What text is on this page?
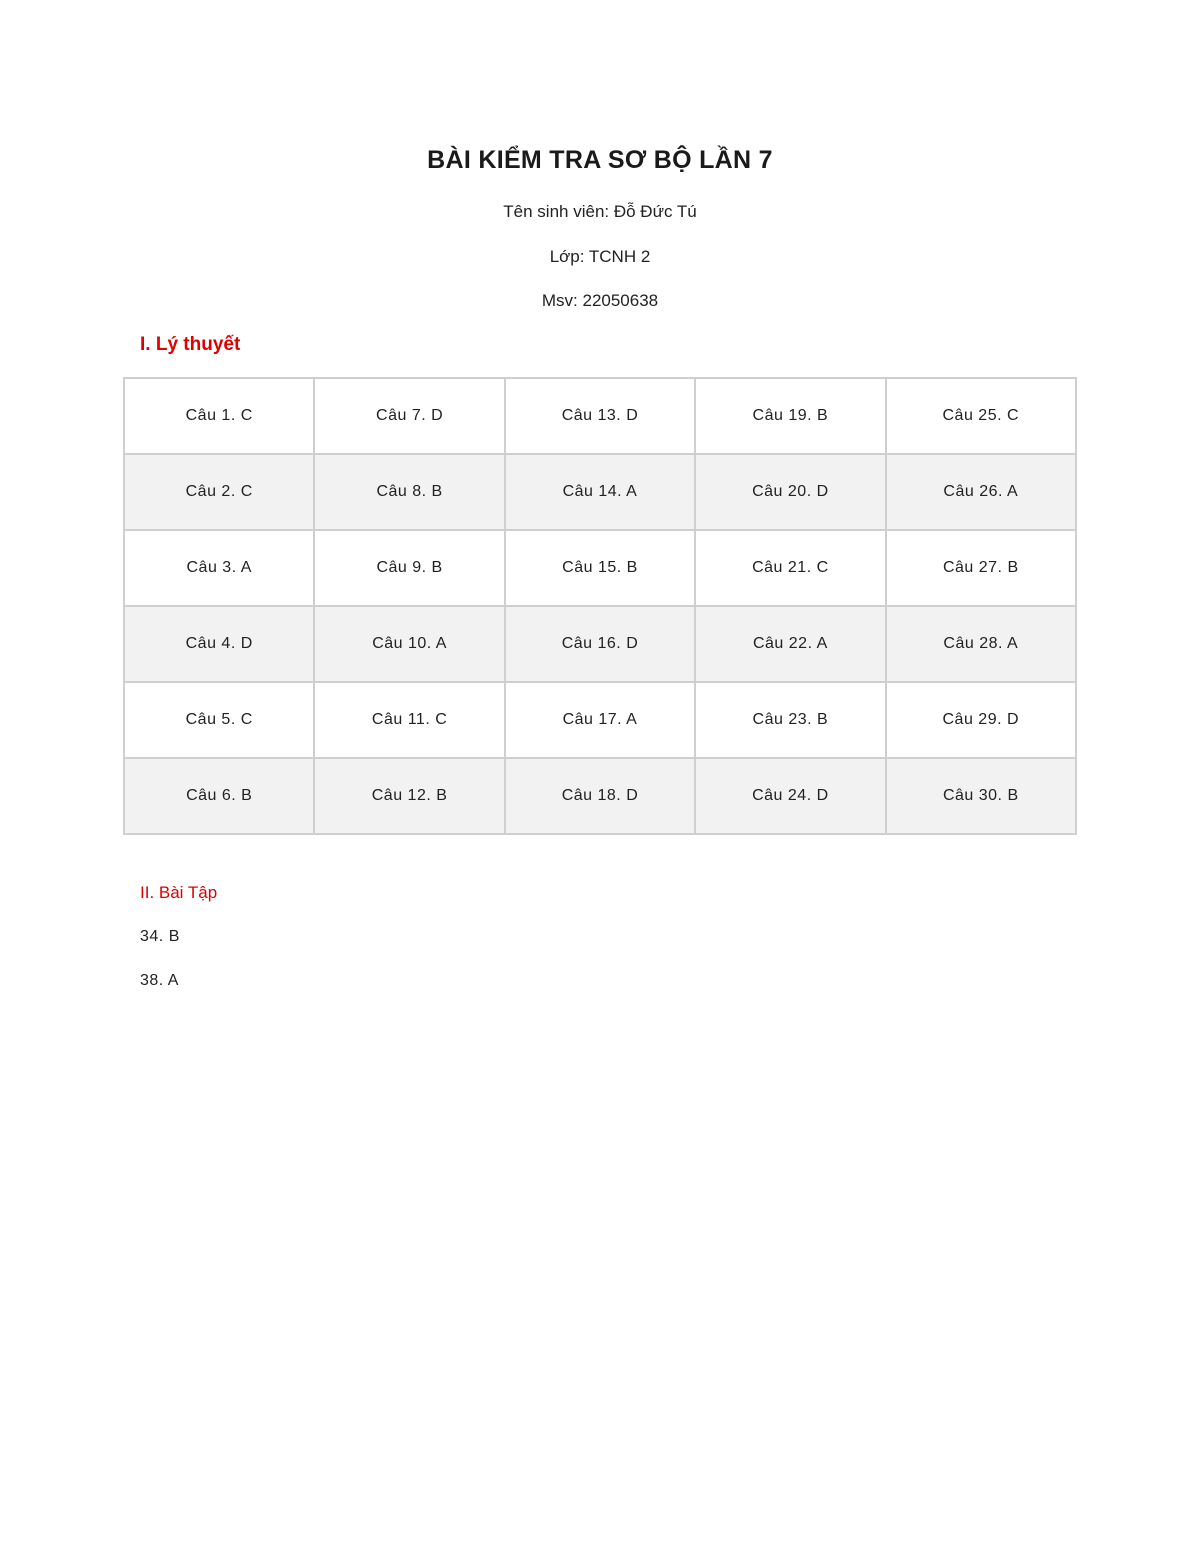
BÀI KIỂM TRA SƠ BỘ LẦN 7
Tên sinh viên: Đỗ Đức Tú
Lớp: TCNH 2
Msv: 22050638
I. Lý thuyết
Câu 1. C	Câu 7. D	Câu 13. D	Câu 19. B	Câu 25. C
Câu 2. C	Câu 8. B	Câu 14. A	Câu 20. D	Câu 26. A
Câu 3. A	Câu 9. B	Câu 15. B	Câu 21. C	Câu 27. B
Câu 4. D	Câu 10. A	Câu 16. D	Câu 22. A	Câu 28. A
Câu 5. C	Câu 11. C	Câu 17. A	Câu 23. B	Câu 29. D
Câu 6. B	Câu 12. B	Câu 18. D	Câu 24. D	Câu 30. B
II. Bài Tập
34. B
38. A
